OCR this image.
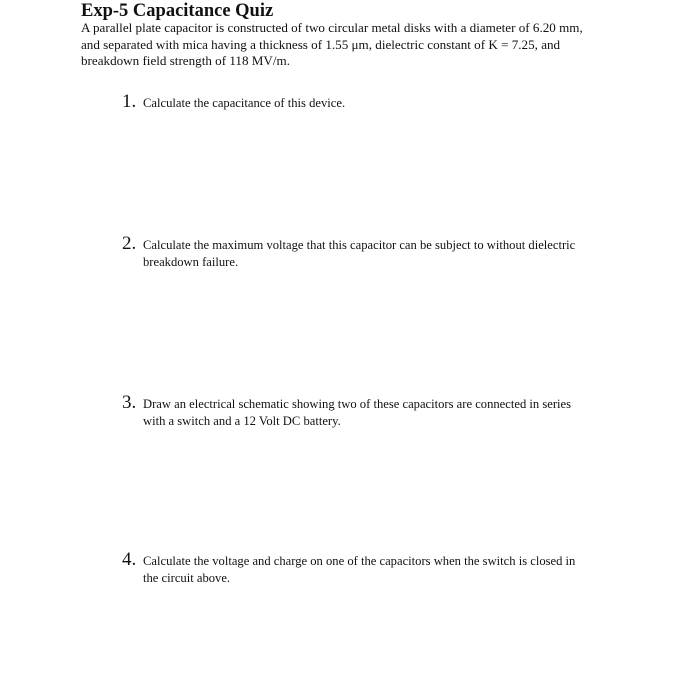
Exp-5 Capacitance Quiz
A parallel plate capacitor is constructed of two circular metal disks with a diameter of 6.20 mm,
and separated with mica having a thickness of 1.55 μm, dielectric constant of K = 7.25, and
breakdown field strength of 118 MV/m.
1. Calculate the capacitance of this device.
2. Calculate the maximum voltage that this capacitor can be subject to without dielectric
breakdown failure.
3. Draw an electrical schematic showing two of these capacitors are connected in series
with a switch and a 12 Volt DC battery.
4. Calculate the voltage and charge on one of the capacitors when the switch is closed in
the circuit above.
